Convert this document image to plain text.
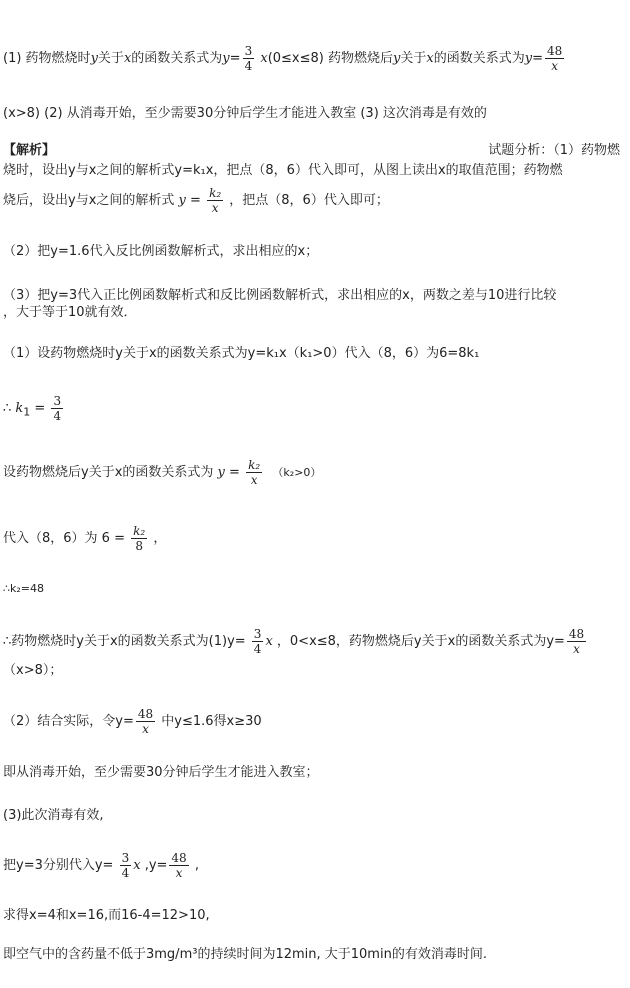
(1) 药物燃烧时y关于x的函数关系式为$y= \frac{3}{4} x(0\le x\le 8)$ 药物燃烧后y关于x的函数关系式为$y= \frac{48}{x}$
(x>8) (2) 从消毒开始，至少需要30分钟后学生才能进入教室 (3) 这次消毒是有效的
【解析】	试题分析：（1）药物燃
烧时，设出y与x之间的解析式y=k₁x，把点（8，6）代入即可，从图上读出x的取值范围；药物燃
烧后，设出y与x之间的解析式 $y = \frac{\text{k₂}}{x}$ ，把点（8，6）代入即可；
（2）把y=1.6代入反比例函数解析式，求出相应的x；
（3）把y=3代入正比例函数解析式和反比例函数解析式，求出相应的x，两数之差与10进行比较
，大于等于10就有效．
（1）设药物燃烧时y关于x的函数关系式为y=k₁x（k₁>0）代入（8，6）为6=8k₁
∴ $k_1 = \frac{3}{4}$
设药物燃烧后y关于x的函数关系式为 $y = \frac{\text{k₂}}{x} (k_2>0)$
代入（8，6）为 $6 = \frac{\text{k₂}}{8}$ ，
∴k₂=48
∴药物燃烧时y关于x的函数关系式为$(1)y= \frac{3}{4}$ x ，0<x≤8，药物燃烧后y关于x的函数关系式为$y= \frac{48}{x}$
（x>8）；
（2）结合实际，令$y= \frac{48}{x}$ 中y≤1.6得x≥30
即从消毒开始，至少需要30分钟后学生才能进入教室；
(3)此次消毒有效,
把y=3分别代入$y= \frac{3}{4}$ x $,y= \frac{48}{x}$ ,
求得x=4和x=16,而16-4=12>10,
即空气中的含药量不低于3mg/m³的持续时间为12min, 大于10min的有效消毒时间.
